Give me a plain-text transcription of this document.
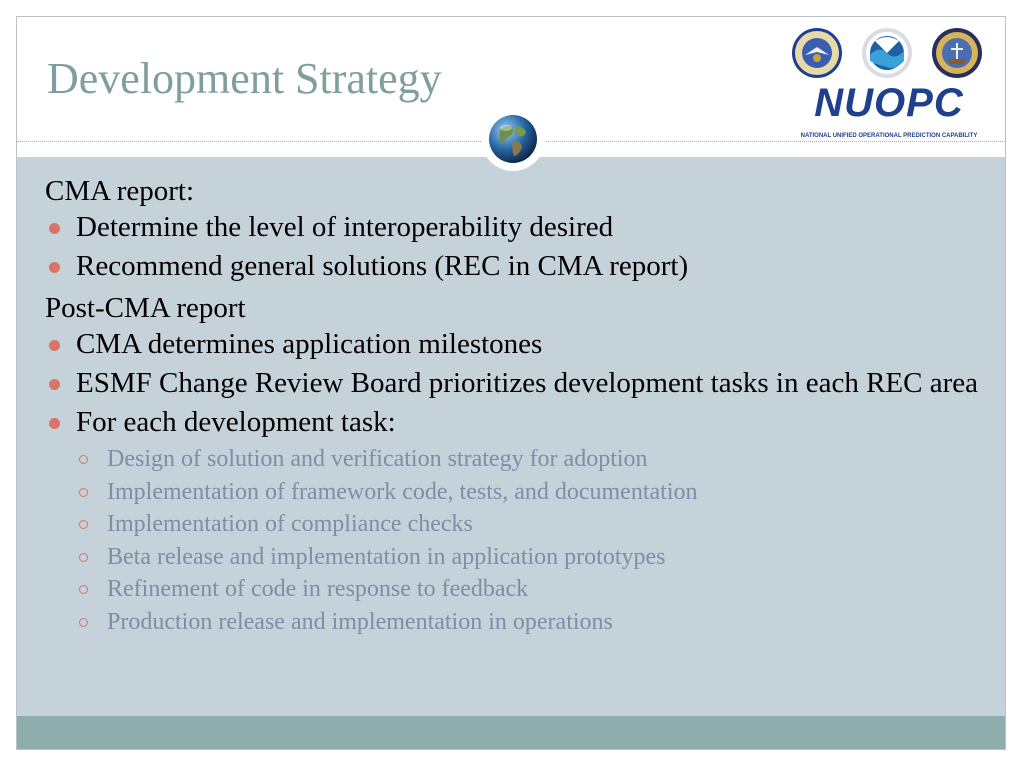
Development Strategy	NUOPC
NATIONAL UNIFIED OPERATIONAL PREDICTION CAPABILITY
CMA report:
Determine the level of interoperability desired
Recommend general solutions (REC in CMA report)
Post-CMA report
CMA determines application milestones
ESMF Change Review Board prioritizes development tasks in each REC area
For each development task:
Design of solution and verification strategy for adoption
Implementation of framework code, tests, and documentation
Implementation of compliance checks
Beta release and implementation in application prototypes
Refinement of code in response to feedback
Production release and implementation in operations
